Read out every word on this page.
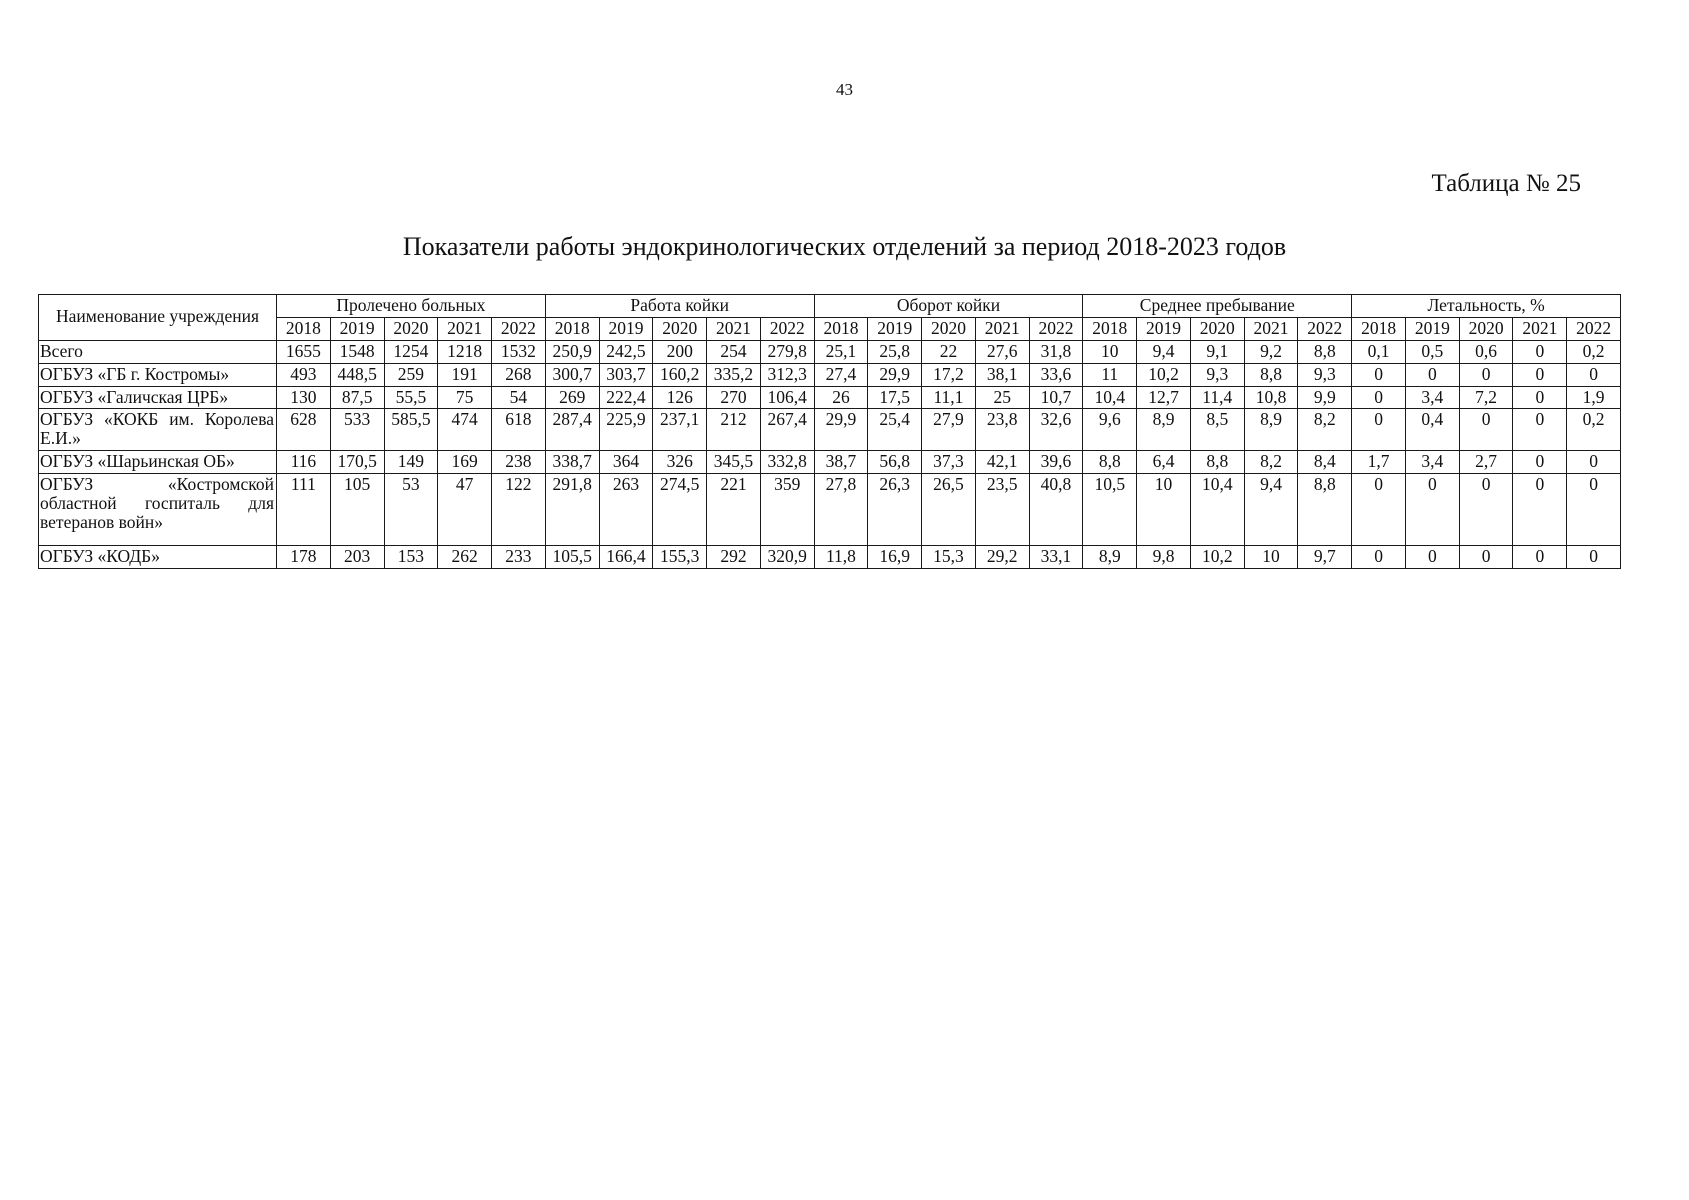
43
Таблица № 25
Показатели работы эндокринологических отделений за период 2018-2023 годов
Наименование учреждения	Пролечено больных					Работа койки					Оборот койки					Среднее пребывание					Летальность, %				
	2018	2019	2020	2021	2022	2018	2019	2020	2021	2022	2018	2019	2020	2021	2022	2018	2019	2020	2021	2022	2018	2019	2020	2021	2022
Всего	1655	1548	1254	1218	1532	250,9	242,5	200	254	279,8	25,1	25,8	22	27,6	31,8	10	9,4	9,1	9,2	8,8	0,1	0,5	0,6	0	0,2
ОГБУЗ «ГБ г. Костромы»	493	448,5	259	191	268	300,7	303,7	160,2	335,2	312,3	27,4	29,9	17,2	38,1	33,6	11	10,2	9,3	8,8	9,3	0	0	0	0	0
ОГБУЗ «Галичская ЦРБ»	130	87,5	55,5	75	54	269	222,4	126	270	106,4	26	17,5	11,1	25	10,7	10,4	12,7	11,4	10,8	9,9	0	3,4	7,2	0	1,9
ОГБУЗ «КОКБ им. Королева Е.И.»	628	533	585,5	474	618	287,4	225,9	237,1	212	267,4	29,9	25,4	27,9	23,8	32,6	9,6	8,9	8,5	8,9	8,2	0	0,4	0	0	0,2
ОГБУЗ «Шарьинская ОБ»	116	170,5	149	169	238	338,7	364	326	345,5	332,8	38,7	56,8	37,3	42,1	39,6	8,8	6,4	8,8	8,2	8,4	1,7	3,4	2,7	0	0
ОГБУЗ «Костромской областной госпиталь для ветеранов войн»	111	105	53	47	122	291,8	263	274,5	221	359	27,8	26,3	26,5	23,5	40,8	10,5	10	10,4	9,4	8,8	0	0	0	0	0
ОГБУЗ «КОДБ»	178	203	153	262	233	105,5	166,4	155,3	292	320,9	11,8	16,9	15,3	29,2	33,1	8,9	9,8	10,2	10	9,7	0	0	0	0	0
